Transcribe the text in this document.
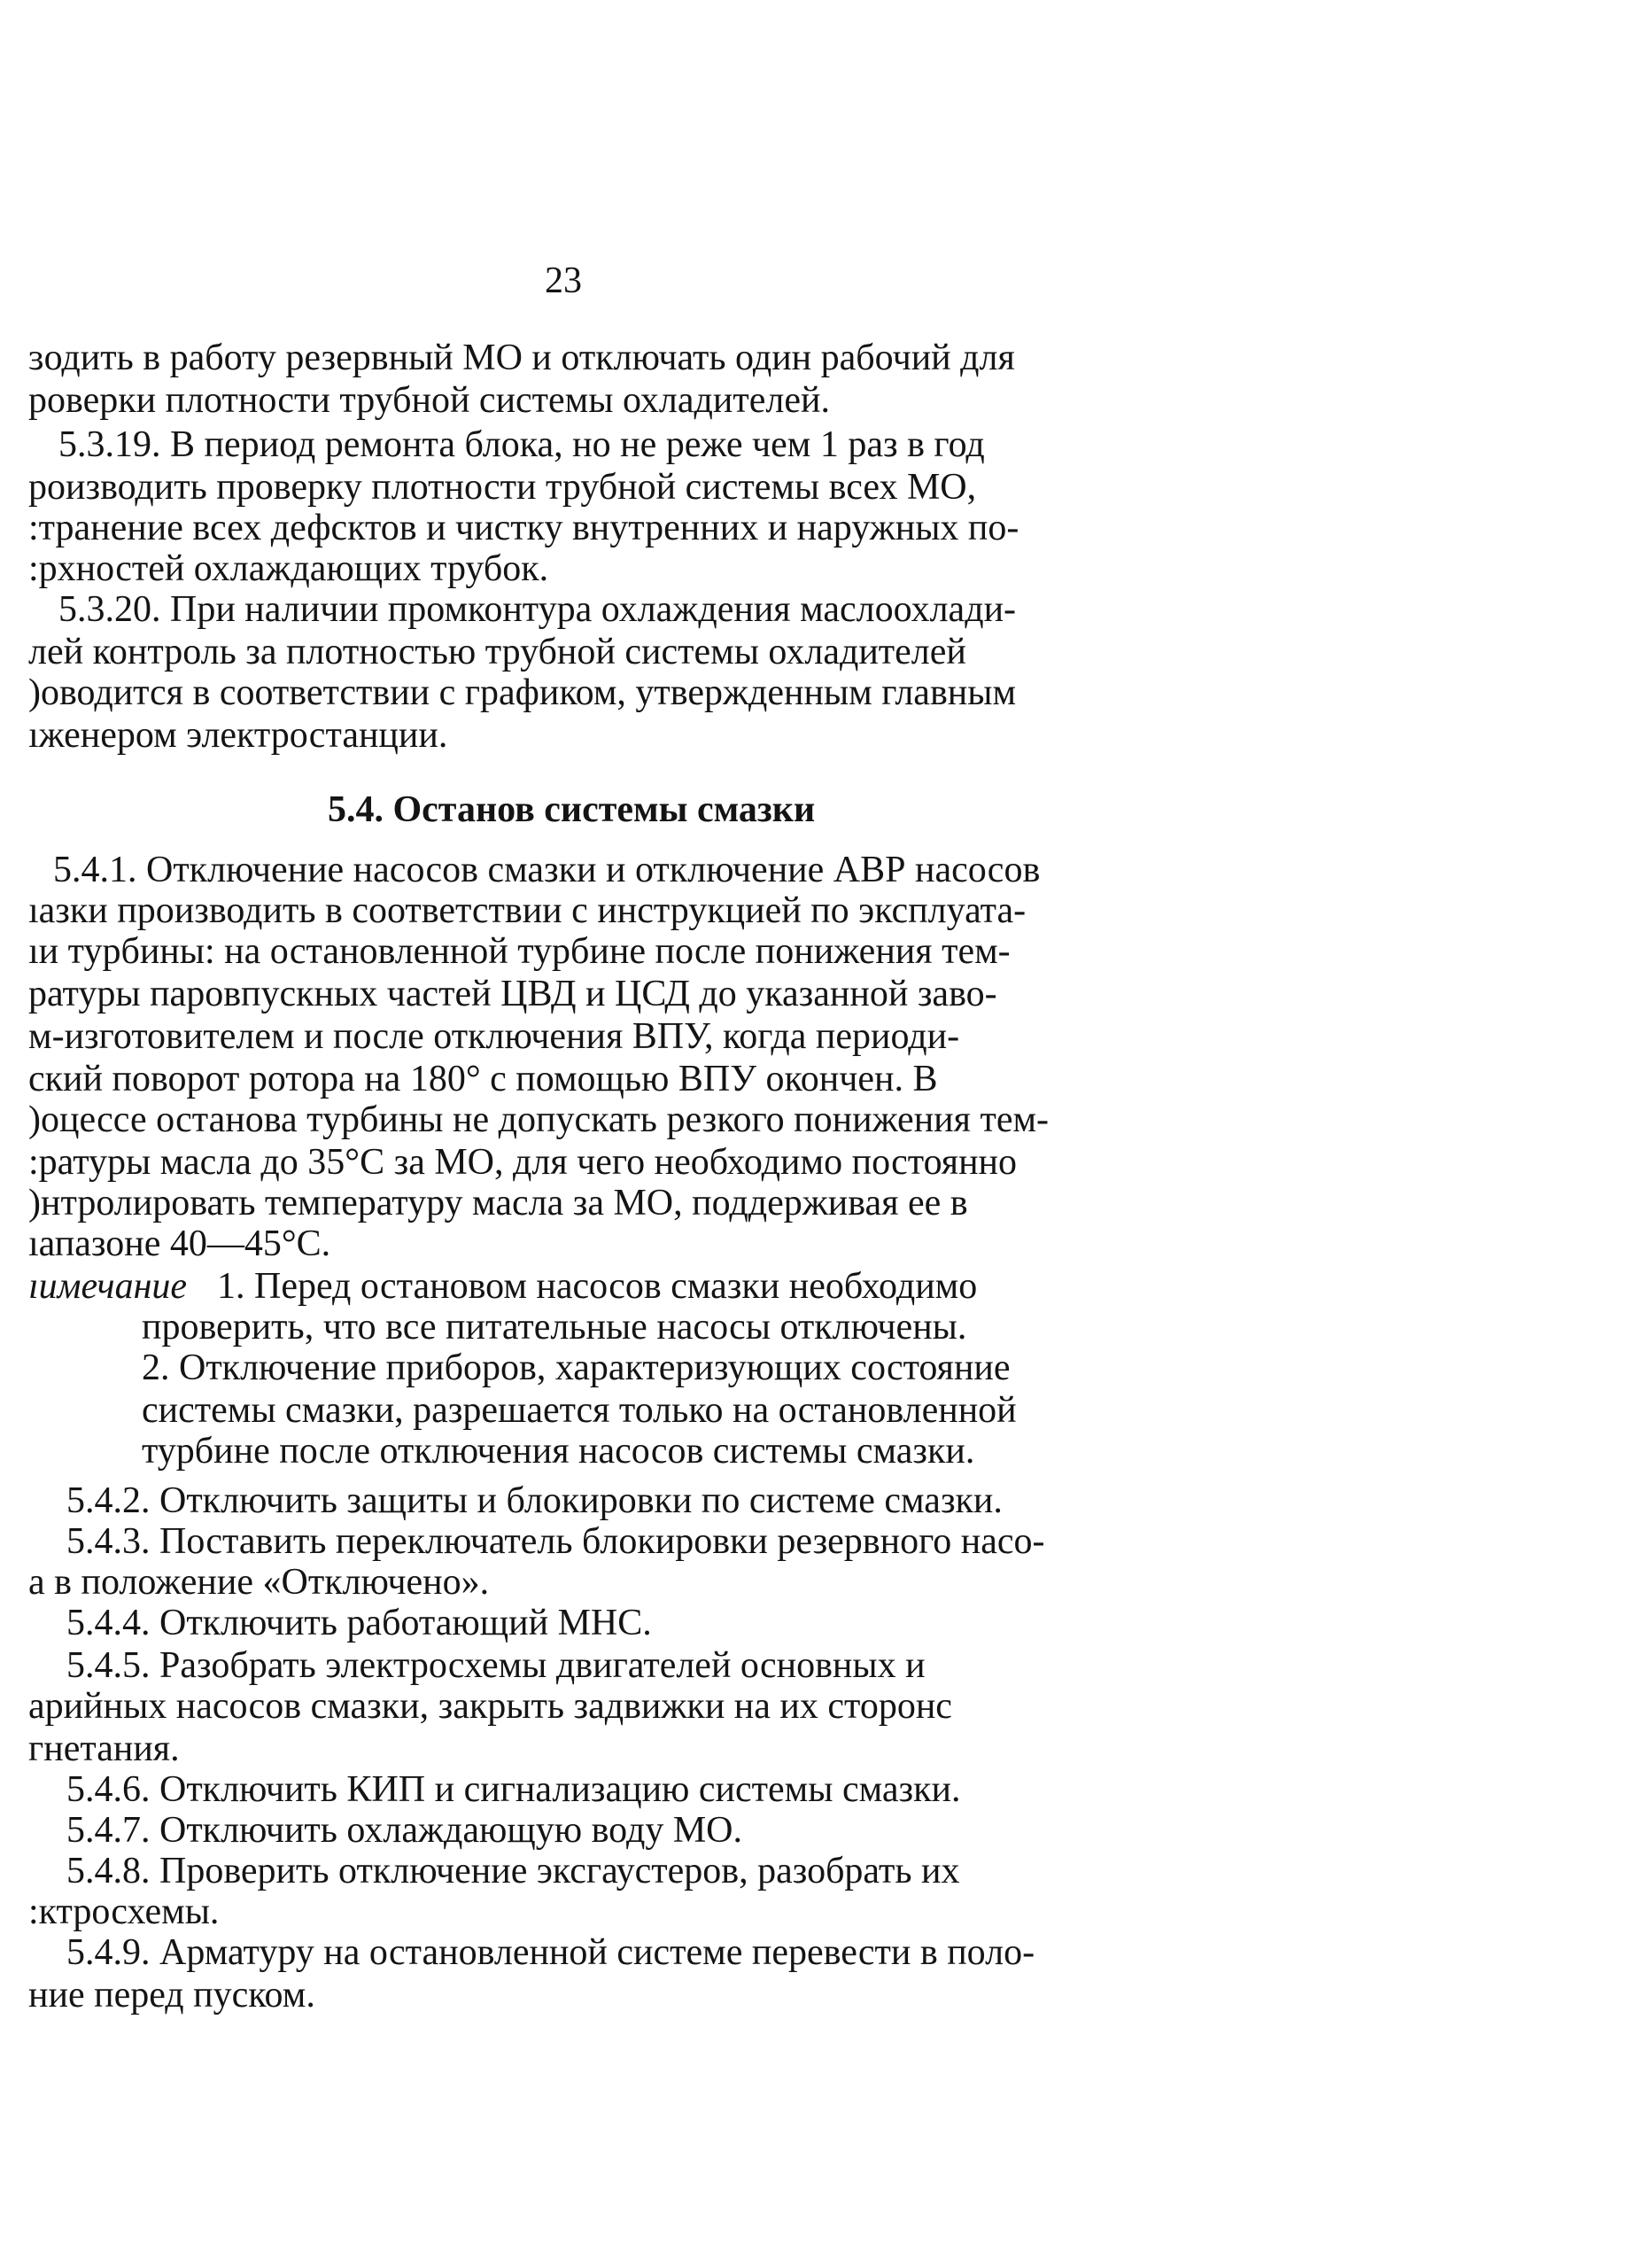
23
ɜодить в работу резервный МО и отключать один рабочий для
роверки плотности трубной системы охладителей.
5.3.19. В период ремонта блока, но не реже чем 1 раз в год
роизводить проверку плотности трубной системы всех МО,
:транение всех дефсктов и чистку внутренних и наружных по-
:рхностей охлаждающих трубок.
5.3.20. При наличии промконтура охлаждения маслоохлади-
лей контроль за плотностью трубной системы охладителей
)оводится в соответствии с графиком, утвержденным главным
ıженером электростанции.
5.4. Останов системы смазки
5.4.1. Отключение насосов смазки и отключение АВР насосов
ıазки производить в соответствии с инструкцией по эксплуата-
ıи турбины: на остановленной турбине после понижения тем-
ратуры паровпускных частей ЦВД и ЦСД до указанной заво-
м-изготовителем и после отключения ВПУ, когда периоди-
ский поворот ротора на 180° с помощью ВПУ окончен. В
)оцессе останова турбины не допускать резкого понижения тем-
:ратуры масла до 35°С за МО, для чего необходимо постоянно
)нтролировать температуру масла за МО, поддерживая ее в
ıапазоне 40—45°С.
ıимечание 1. Перед остановом насосов смазки необходимо
проверить, что все питательные насосы отключены.
2. Отключение приборов, характеризующих состояние
системы смазки, разрешается только на остановленной
турбине после отключения насосов системы смазки.
5.4.2. Отключить защиты и блокировки по системе смазки.
5.4.3. Поставить переключатель блокировки резервного насо-
а в положение «Отключено».
5.4.4. Отключить работающий МНС.
5.4.5. Разобрать электросхемы двигателей основных и
арийных насосов смазки, закрыть задвижки на их сторонс
гнетания.
5.4.6. Отключить КИП и сигнализацию системы смазки.
5.4.7. Отключить охлаждающую воду МО.
5.4.8. Проверить отключение эксгаустеров, разобрать их
:ктросхемы.
5.4.9. Арматуру на остановленной системе перевести в поло-
ние перед пуском.
